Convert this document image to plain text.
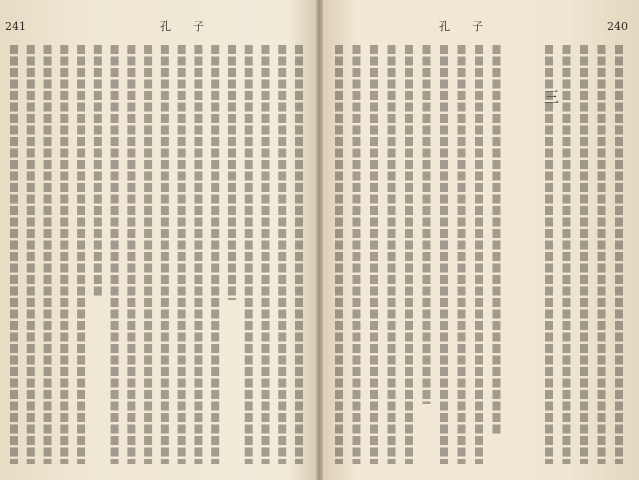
241	孔子	孔子	240
三
